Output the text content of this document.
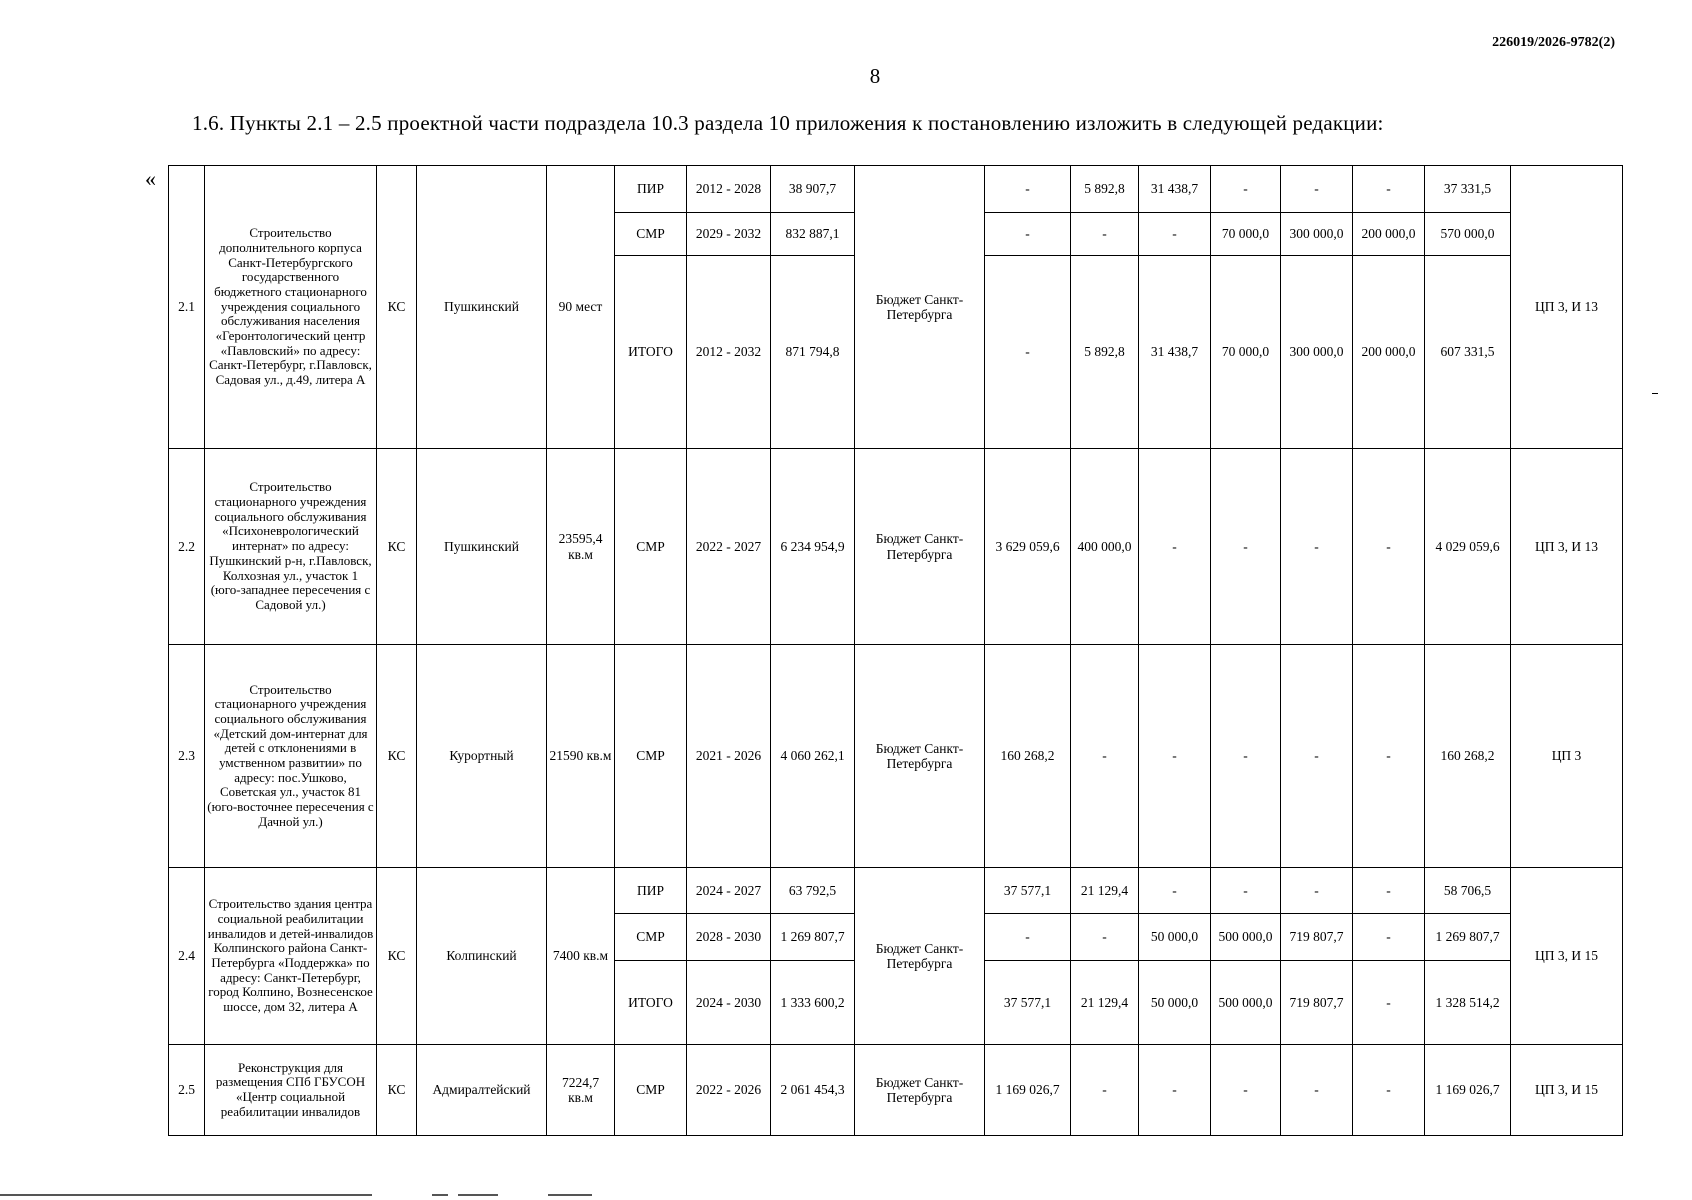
226019/2026-9782(2)
8
1.6. Пункты 2.1 – 2.5 проектной части подраздела 10.3 раздела 10 приложения к постановлению изложить в следующей редакции:
«
2.1	Строительство дополнительного корпуса Санкт-Петербургского государственного бюджетного стационарного учреждения социального обслуживания населения «Геронтологический центр «Павловский» по адресу: Санкт-Петербург, г.Павловск, Садовая ул., д.49, литера А	КС	Пушкинский	90 мест	ПИР	2012 - 2028	38 907,7	Бюджет Санкт-Петербурга	-	5 892,8	31 438,7	-	-	-	37 331,5	ЦП 3, И 13
					СМР	2029 - 2032	832 887,1		-	-	-	70 000,0	300 000,0	200 000,0	570 000,0	
					ИТОГО	2012 - 2032	871 794,8		-	5 892,8	31 438,7	70 000,0	300 000,0	200 000,0	607 331,5	
2.2	Строительство стационарного учреждения социального обслуживания «Психоневрологический интернат» по адресу: Пушкинский р-н, г.Павловск, Колхозная ул., участок 1 (юго-западнее пересечения с Садовой ул.)	КС	Пушкинский	23595,4 кв.м	СМР	2022 - 2027	6 234 954,9	Бюджет Санкт-Петербурга	3 629 059,6	400 000,0	-	-	-	-	4 029 059,6	ЦП 3, И 13
2.3	Строительство стационарного учреждения социального обслуживания «Детский дом-интернат для детей с отклонениями в умственном развитии» по адресу: пос.Ушково, Советская ул., участок 81 (юго-восточнее пересечения с Дачной ул.)	КС	Курортный	21590 кв.м	СМР	2021 - 2026	4 060 262,1	Бюджет Санкт-Петербурга	160 268,2	-	-	-	-	-	160 268,2	ЦП 3
2.4	Строительство здания центра социальной реабилитации инвалидов и детей-инвалидов Колпинского района Санкт-Петербурга «Поддержка» по адресу: Санкт-Петербург, город Колпино, Вознесенское шоссе, дом 32, литера А	КС	Колпинский	7400 кв.м	ПИР	2024 - 2027	63 792,5	Бюджет Санкт-Петербурга	37 577,1	21 129,4	-	-	-	-	58 706,5	ЦП 3, И 15
					СМР	2028 - 2030	1 269 807,7		-	-	50 000,0	500 000,0	719 807,7	-	1 269 807,7	
					ИТОГО	2024 - 2030	1 333 600,2		37 577,1	21 129,4	50 000,0	500 000,0	719 807,7	-	1 328 514,2	
2.5	Реконструкция для размещения СПб ГБУСОН «Центр социальной реабилитации инвалидов	КС	Адмиралтейский	7224,7 кв.м	СМР	2022 - 2026	2 061 454,3	Бюджет Санкт-Петербурга	1 169 026,7	-	-	-	-	-	1 169 026,7	ЦП 3, И 15
